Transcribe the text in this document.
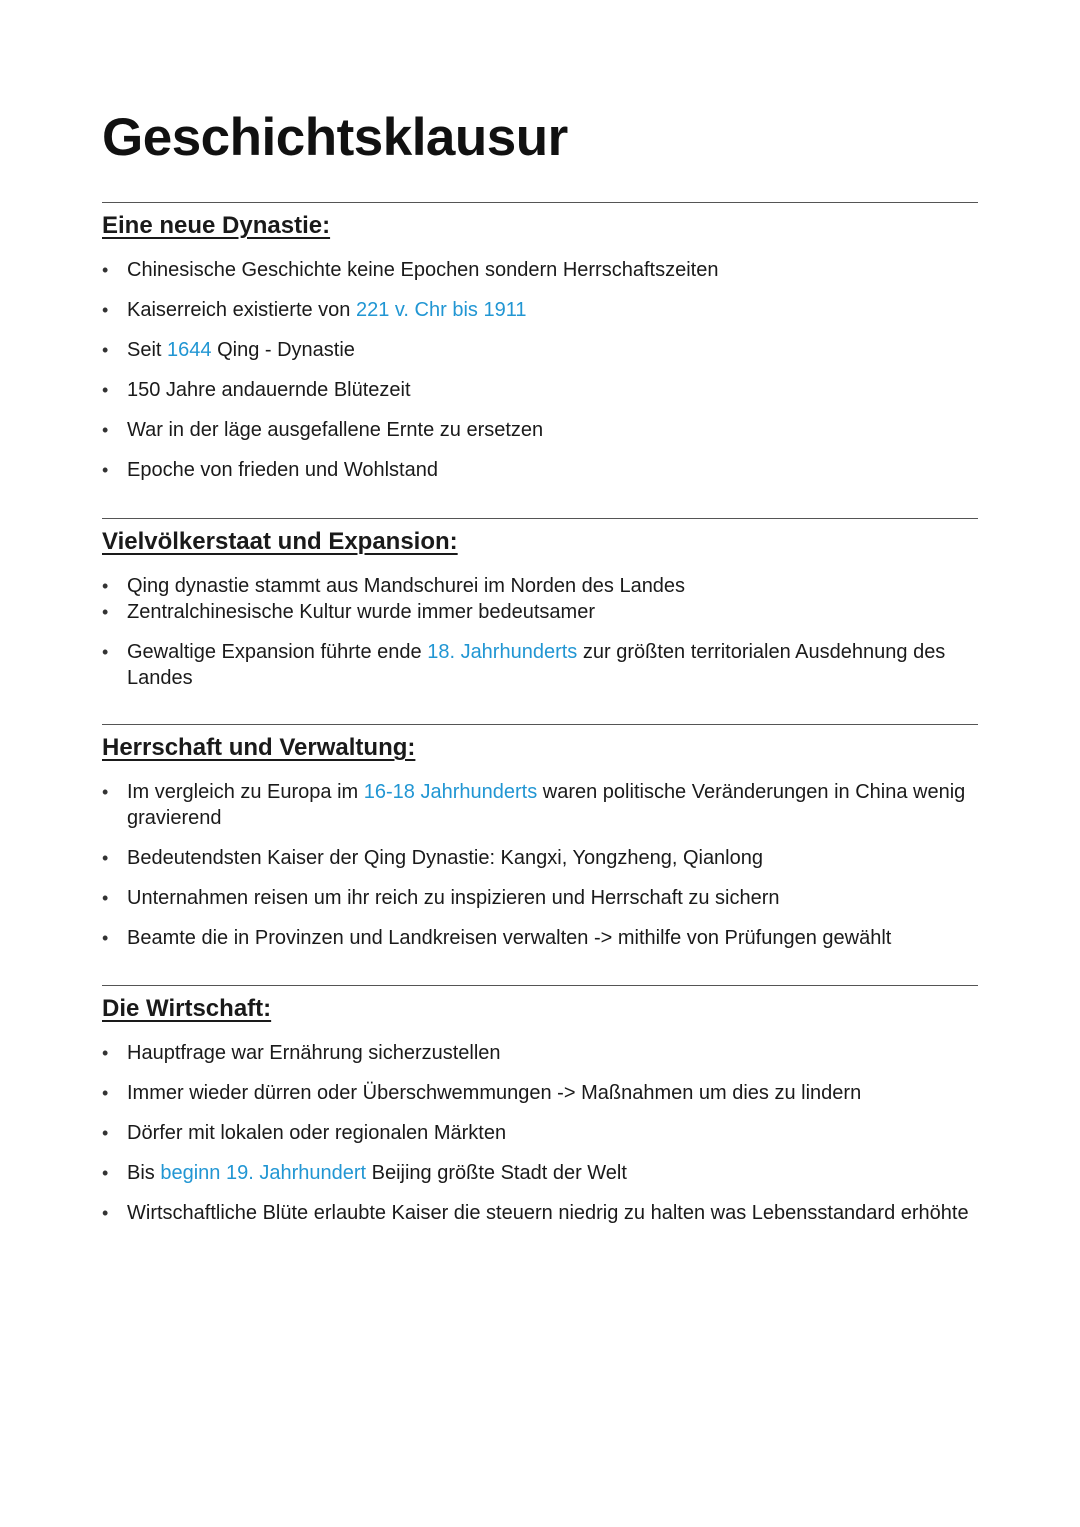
Geschichtsklausur
Eine neue Dynastie:
• Chinesische Geschichte keine Epochen sondern Herrschaftszeiten
• Kaiserreich existierte von 221 v. Chr bis 1911
• Seit 1644 Qing - Dynastie
• 150 Jahre andauernde Blütezeit
• War in der läge ausgefallene Ernte zu ersetzen
• Epoche von frieden und Wohlstand
Vielvölkerstaat und Expansion:
• Qing dynastie stammt aus Mandschurei im Norden des Landes
• Zentralchinesische Kultur wurde immer bedeutsamer
• Gewaltige Expansion führte ende 18. Jahrhunderts zur größten territorialen Ausdehnung des Landes
Herrschaft und Verwaltung:
• Im vergleich zu Europa im 16-18 Jahrhunderts waren politische Veränderungen in China wenig gravierend
• Bedeutendsten Kaiser der Qing Dynastie: Kangxi, Yongzheng, Qianlong
• Unternahmen reisen um ihr reich zu inspizieren und Herrschaft zu sichern
• Beamte die in Provinzen und Landkreisen verwalten -> mithilfe von Prüfungen gewählt
Die Wirtschaft:
• Hauptfrage war Ernährung sicherzustellen
• Immer wieder dürren oder Überschwemmungen -> Maßnahmen um dies zu lindern
• Dörfer mit lokalen oder regionalen Märkten
• Bis beginn 19. Jahrhundert Beijing größte Stadt der Welt
• Wirtschaftliche Blüte erlaubte Kaiser die steuern niedrig zu halten was Lebensstandard erhöhte
